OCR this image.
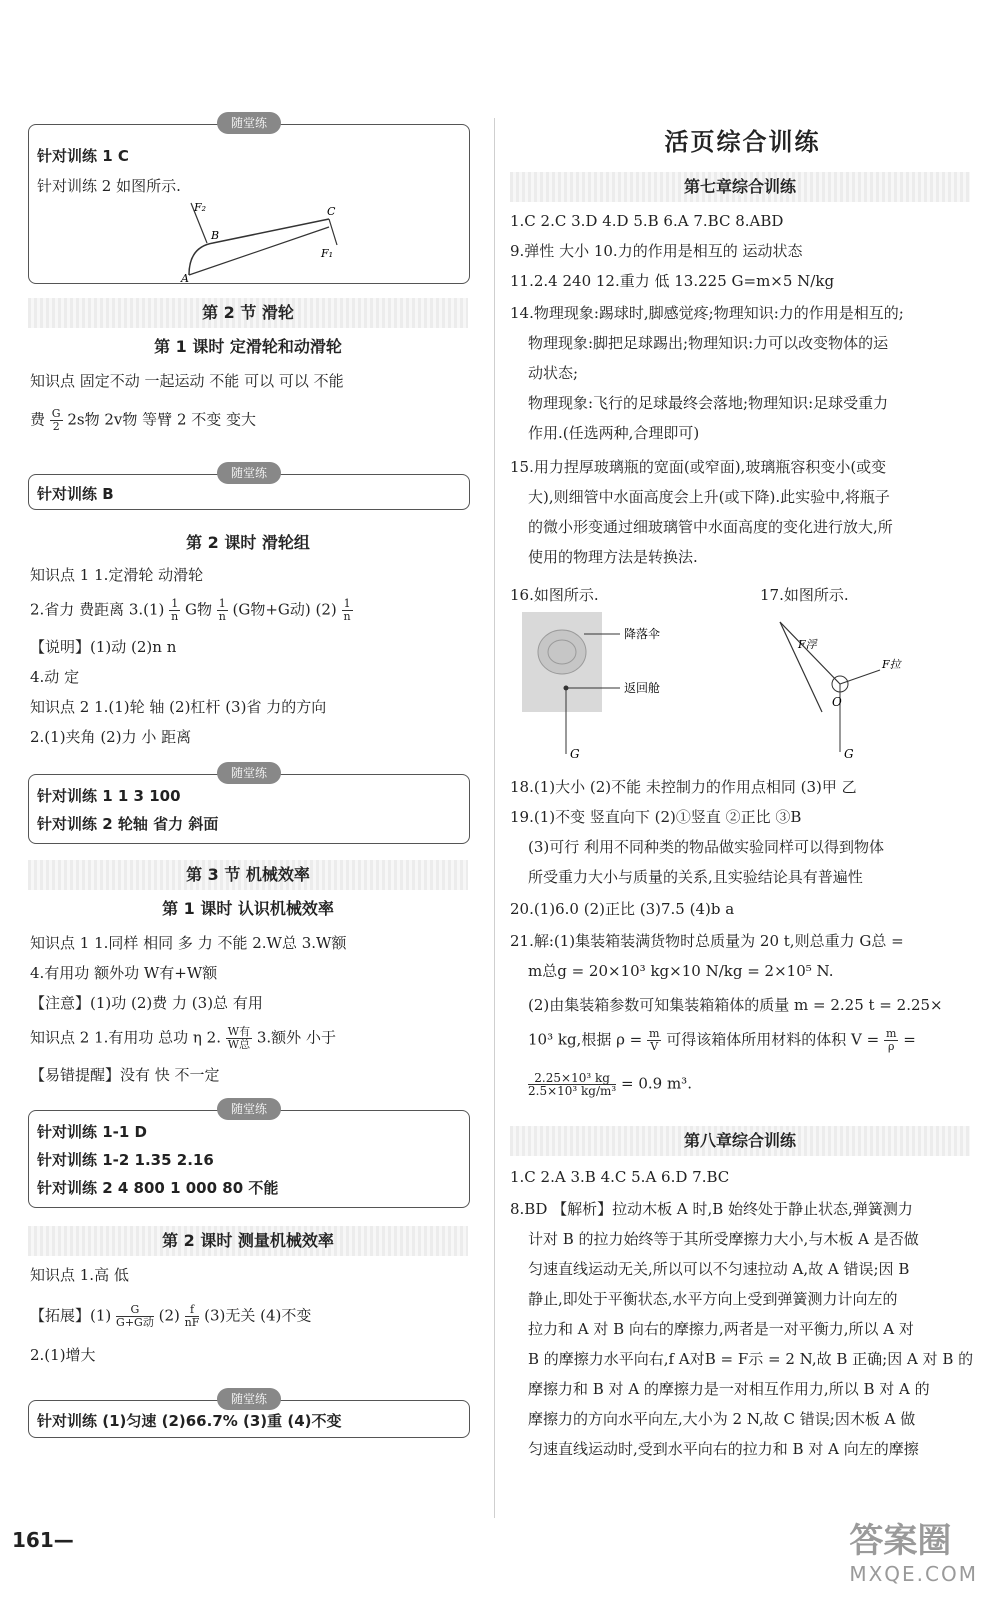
随堂练
针对训练 1 C
针对训练 2 如图所示.
F₂
B
C
F₁
A
第 2 节 滑轮
第 1 课时 定滑轮和动滑轮
知识点 固定不动 一起运动 不能 可以 可以 不能
费 $\frac{G}{2} 2s$物 2v物 等臂 2 不变 变大
随堂练
针对训练 B
第 2 课时 滑轮组
知识点 1 1.定滑轮 动滑轮
2.省力 费距离 $3.(1) \frac{1}{n}$ G物 $\frac{1}{n} (G$物+G动) $(2) \frac{1}{n}$
【说明】(1)动 (2)n n
4.动 定
知识点 2 1.(1)轮 轴 (2)杠杆 (3)省 力的方向
2.(1)夹角 (2)力 小 距离
随堂练
针对训练 1 1 3 100
针对训练 2 轮轴 省力 斜面
第 3 节 机械效率
第 1 课时 认识机械效率
知识点 1 1.同样 相同 多 力 不能 2.W总 3.W额
4.有用功 额外功 W有+W额
【注意】(1)功 (2)费 力 (3)总 有用
知识点 2 1.有用功 总功 η 2. $\frac{\text{W有}}{\text{W总}} 3$.额外 小于
【易错提醒】没有 快 不一定
随堂练
针对训练 1-1 D
针对训练 1-2 1.35 2.16
针对训练 2 4 800 1 000 80 不能
第 2 课时 测量机械效率
知识点 1.高 低
【拓展】$(1) \frac{G}{\text{G+G动}} (2) \frac{f}{nF} (3)$无关 (4)不变
2.(1)增大
随堂练
针对训练 (1)匀速 (2)66.7% (3)重 (4)不变
活页综合训练
第七章综合训练
1.C 2.C 3.D 4.D 5.B 6.A 7.BC 8.ABD
9.弹性 大小 10.力的作用是相互的 运动状态
11.2.4 240 12.重力 低 13.225 G=m×5 N/kg
14.物理现象:踢球时,脚感觉疼;物理知识:力的作用是相互的;
物理现象:脚把足球踢出;物理知识:力可以改变物体的运
动状态;
物理现象:飞行的足球最终会落地;物理知识:足球受重力
作用.(任选两种,合理即可)
15.用力捏厚玻璃瓶的宽面(或窄面),玻璃瓶容积变小(或变
大),则细管中水面高度会上升(或下降).此实验中,将瓶子
的微小形变通过细玻璃管中水面高度的变化进行放大,所
使用的物理方法是转换法.
16.如图所示.	17.如图所示.
降落伞
返回舱
G
F浮
F拉
O
G
18.(1)大小 (2)不能 未控制力的作用点相同 (3)甲 乙
19.(1)不变 竖直向下 (2)①竖直 ②正比 ③B
(3)可行 利用不同种类的物品做实验同样可以得到物体
所受重力大小与质量的关系,且实验结论具有普遍性
20.(1)6.0 (2)正比 (3)7.5 (4)b a
21.解:(1)集装箱装满货物时总质量为 20 t,则总重力 G总 =
m总g = 20×10³ kg×10 N/kg = 2×10⁵ N.
(2)由集装箱参数可知集装箱箱体的质量 m = 2.25 t = 2.25×
10³ kg,根据 $\rho = \frac{m}{V}$ 可得该箱体所用材料的体积 $V = \frac{m}{\rho}$ =
$\frac{\text{2.25×10³ kg}}{\text{2.5×10³ kg/m³}} = 0.9$ m³.
第八章综合训练
1.C 2.A 3.B 4.C 5.A 6.D 7.BC
8.BD 【解析】拉动木板 A 时,B 始终处于静止状态,弹簧测力
计对 B 的拉力始终等于其所受摩擦力大小,与木板 A 是否做
匀速直线运动无关,所以可以不匀速拉动 A,故 A 错误;因 B
静止,即处于平衡状态,水平方向上受到弹簧测力计向左的
拉力和 A 对 B 向右的摩擦力,两者是一对平衡力,所以 A 对
B 的摩擦力水平向右,f A对B = F示 = 2 N,故 B 正确;因 A 对 B 的
摩擦力和 B 对 A 的摩擦力是一对相互作用力,所以 B 对 A 的
摩擦力的方向水平向左,大小为 2 N,故 C 错误;因木板 A 做
匀速直线运动时,受到水平向右的拉力和 B 对 A 向左的摩擦
161—	答案圈
MXQE.COM
